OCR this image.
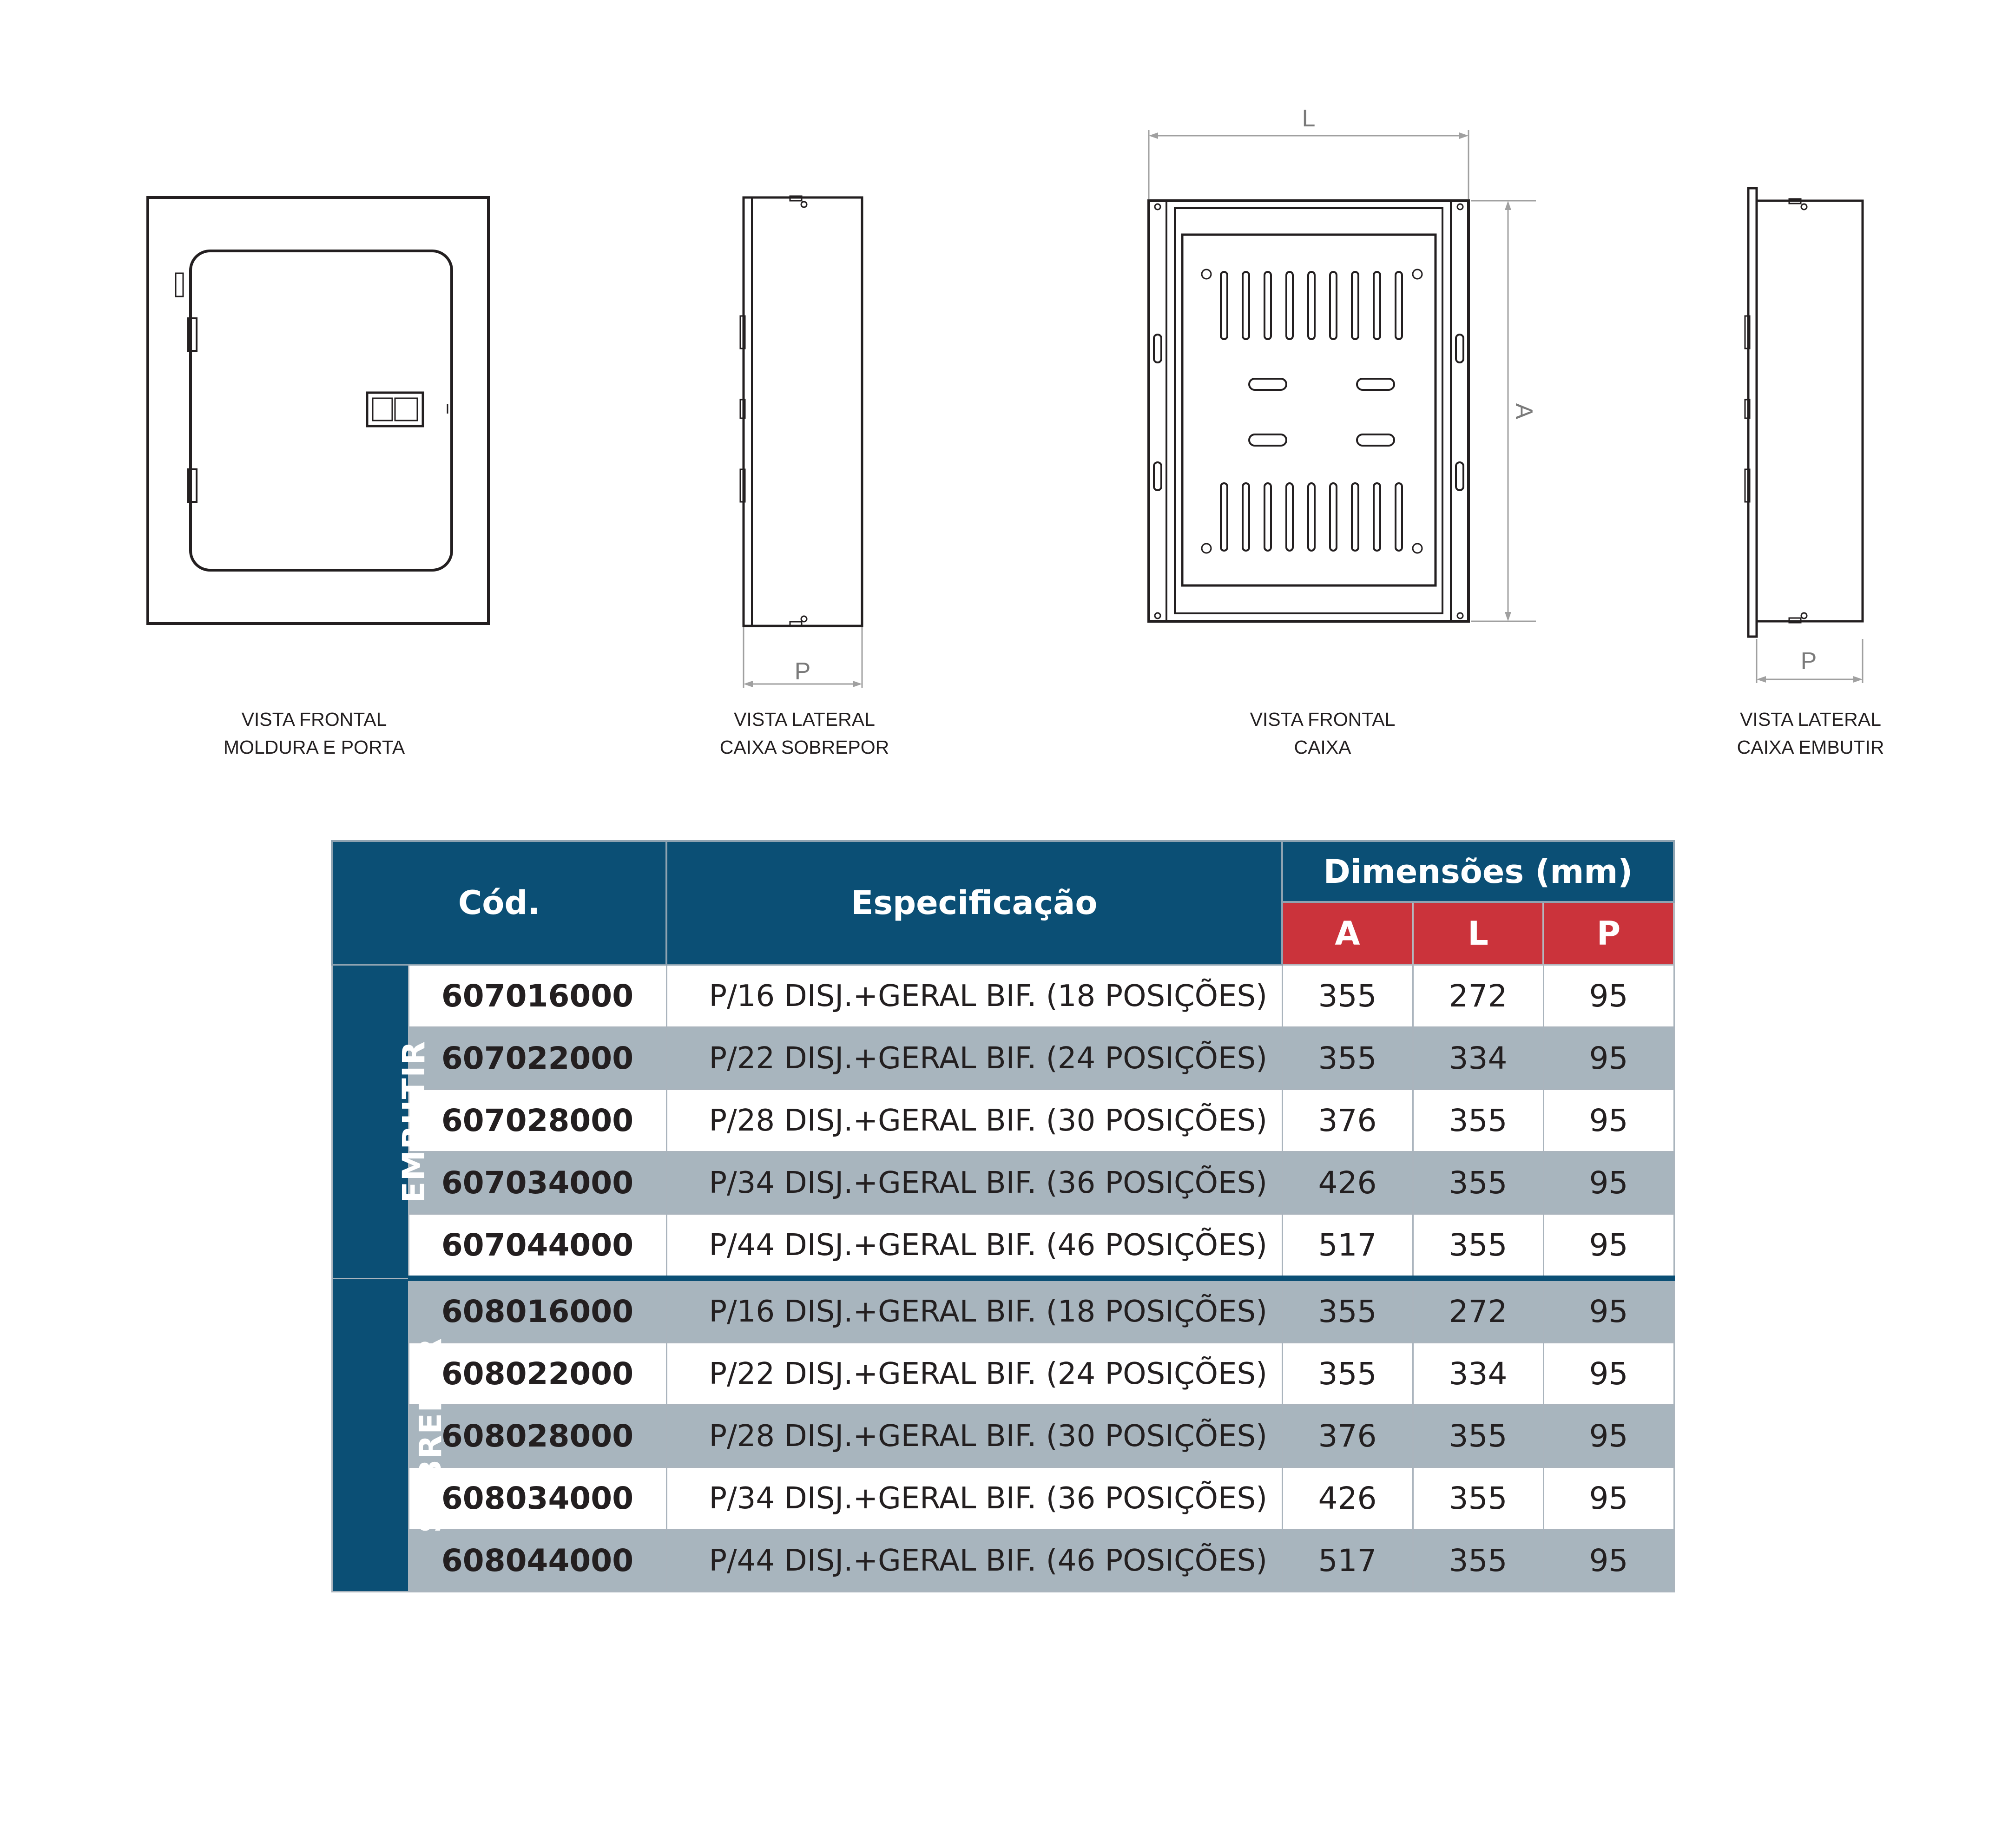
P
L
A
P
VISTA FRONTAL
MOLDURA E PORTA
VISTA LATERAL
CAIXA SOBREPOR
VISTA FRONTAL
CAIXA
VISTA LATERAL
CAIXA EMBUTIR
Cód.		Especificação	Dimensões (mm)		
			A	L	P
EMBUTIR	607016000	P/16 DISJ.+GERAL BIF. (18 POSIÇÕES)	355	272	95
	607022000	P/22 DISJ.+GERAL BIF. (24 POSIÇÕES)	355	334	95
	607028000	P/28 DISJ.+GERAL BIF. (30 POSIÇÕES)	376	355	95
	607034000	P/34 DISJ.+GERAL BIF. (36 POSIÇÕES)	426	355	95
	607044000	P/44 DISJ.+GERAL BIF. (46 POSIÇÕES)	517	355	95
SOBREPOR	608016000	P/16 DISJ.+GERAL BIF. (18 POSIÇÕES)	355	272	95
	608022000	P/22 DISJ.+GERAL BIF. (24 POSIÇÕES)	355	334	95
	608028000	P/28 DISJ.+GERAL BIF. (30 POSIÇÕES)	376	355	95
	608034000	P/34 DISJ.+GERAL BIF. (36 POSIÇÕES)	426	355	95
	608044000	P/44 DISJ.+GERAL BIF. (46 POSIÇÕES)	517	355	95
